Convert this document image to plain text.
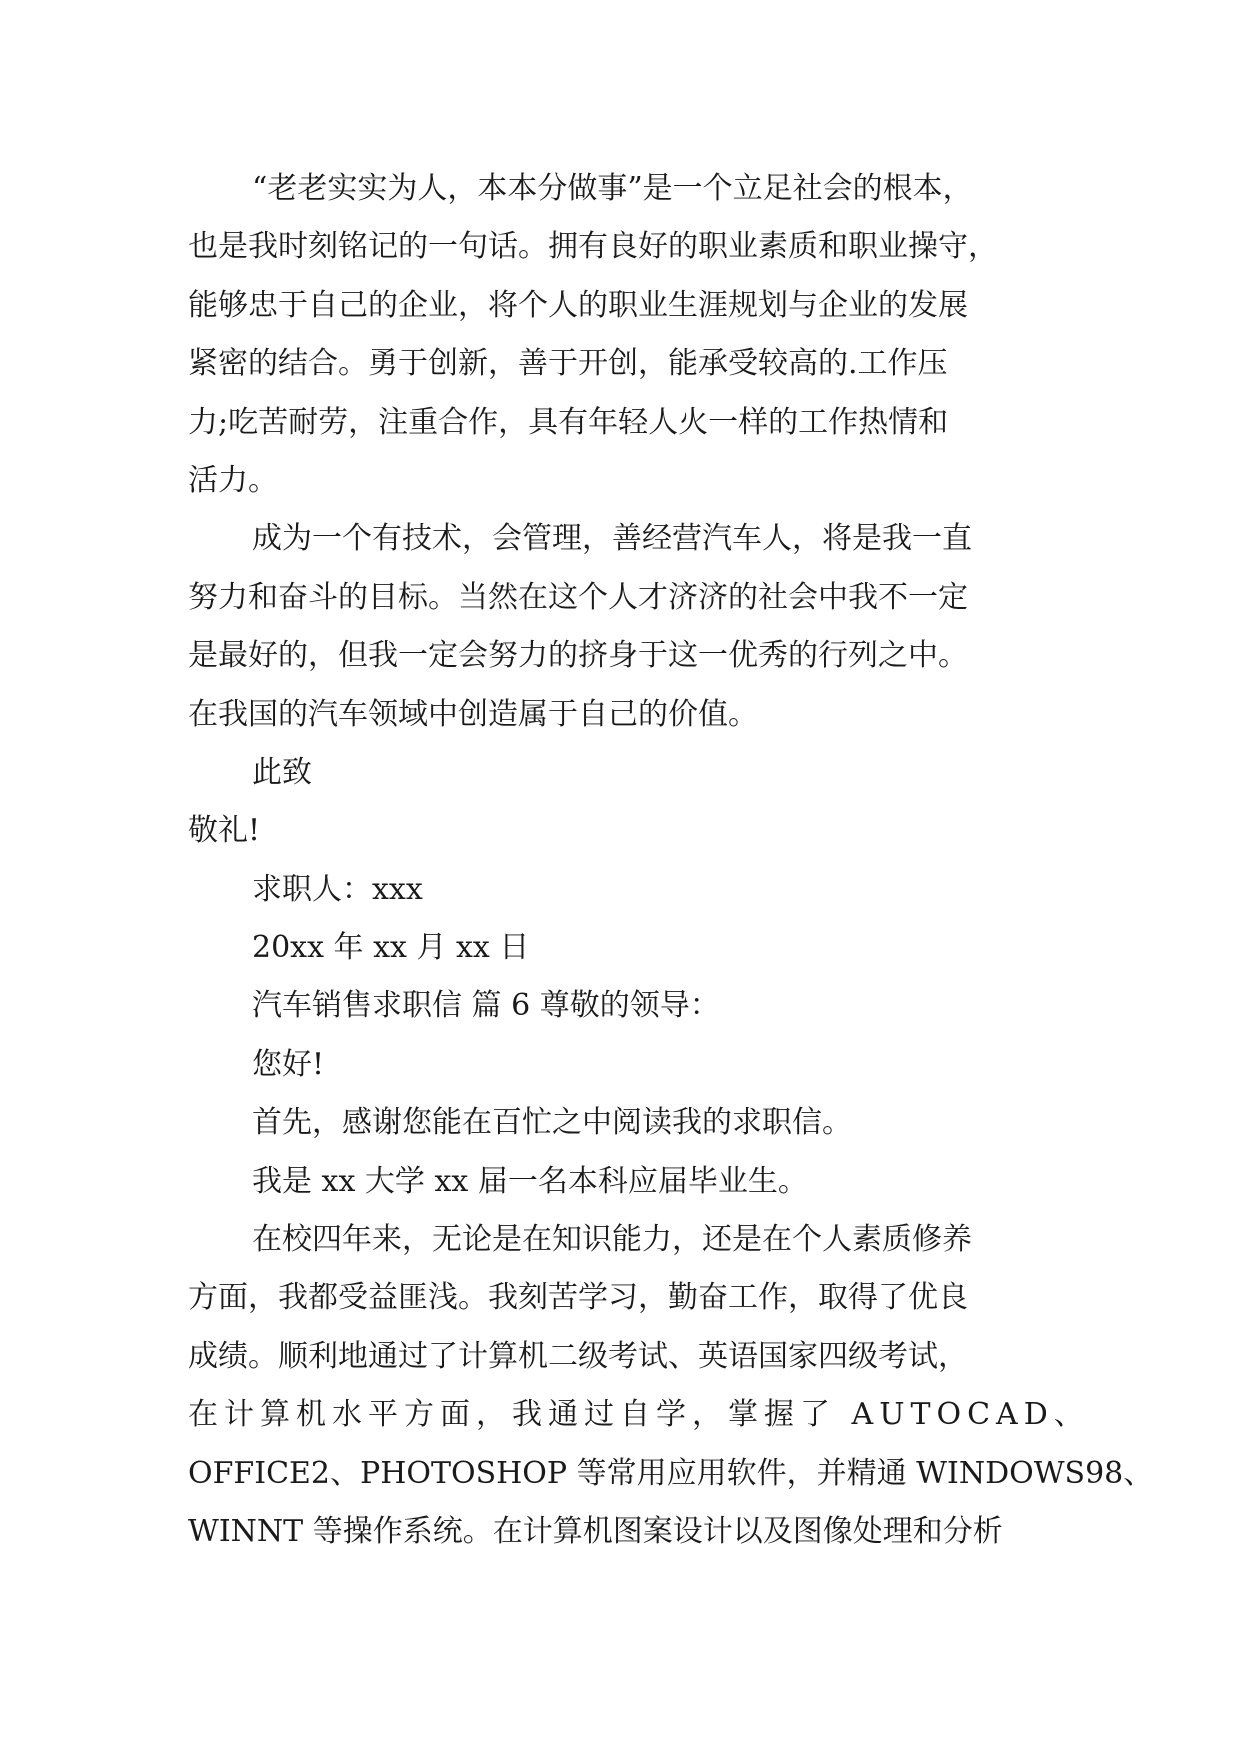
“老老实实为人，本本分做事”是一个立足社会的根本，
也是我时刻铭记的一句话。拥有良好的职业素质和职业操守，
能够忠于自己的企业，将个人的职业生涯规划与企业的发展
紧密的结合。勇于创新，善于开创，能承受较高的.工作压
力;吃苦耐劳，注重合作，具有年轻人火一样的工作热情和
活力。
成为一个有技术，会管理，善经营汽车人，将是我一直
努力和奋斗的目标。当然在这个人才济济的社会中我不一定
是最好的，但我一定会努力的挤身于这一优秀的行列之中。
在我国的汽车领域中创造属于自己的价值。
此致
敬礼!
求职人：xxx
20xx 年 xx 月 xx 日
汽车销售求职信 篇 6 尊敬的领导：
您好!
首先，感谢您能在百忙之中阅读我的求职信。
我是 xx 大学 xx 届一名本科应届毕业生。
在校四年来，无论是在知识能力，还是在个人素质修养
方面，我都受益匪浅。我刻苦学习，勤奋工作，取得了优良
成绩。顺利地通过了计算机二级考试、英语国家四级考试，
在计算机水平方面，我通过自学，掌握了 AUTOCAD、
OFFICE2、PHOTOSHOP 等常用应用软件，并精通 WINDOWS98、
WINNT 等操作系统。在计算机图案设计以及图像处理和分析
